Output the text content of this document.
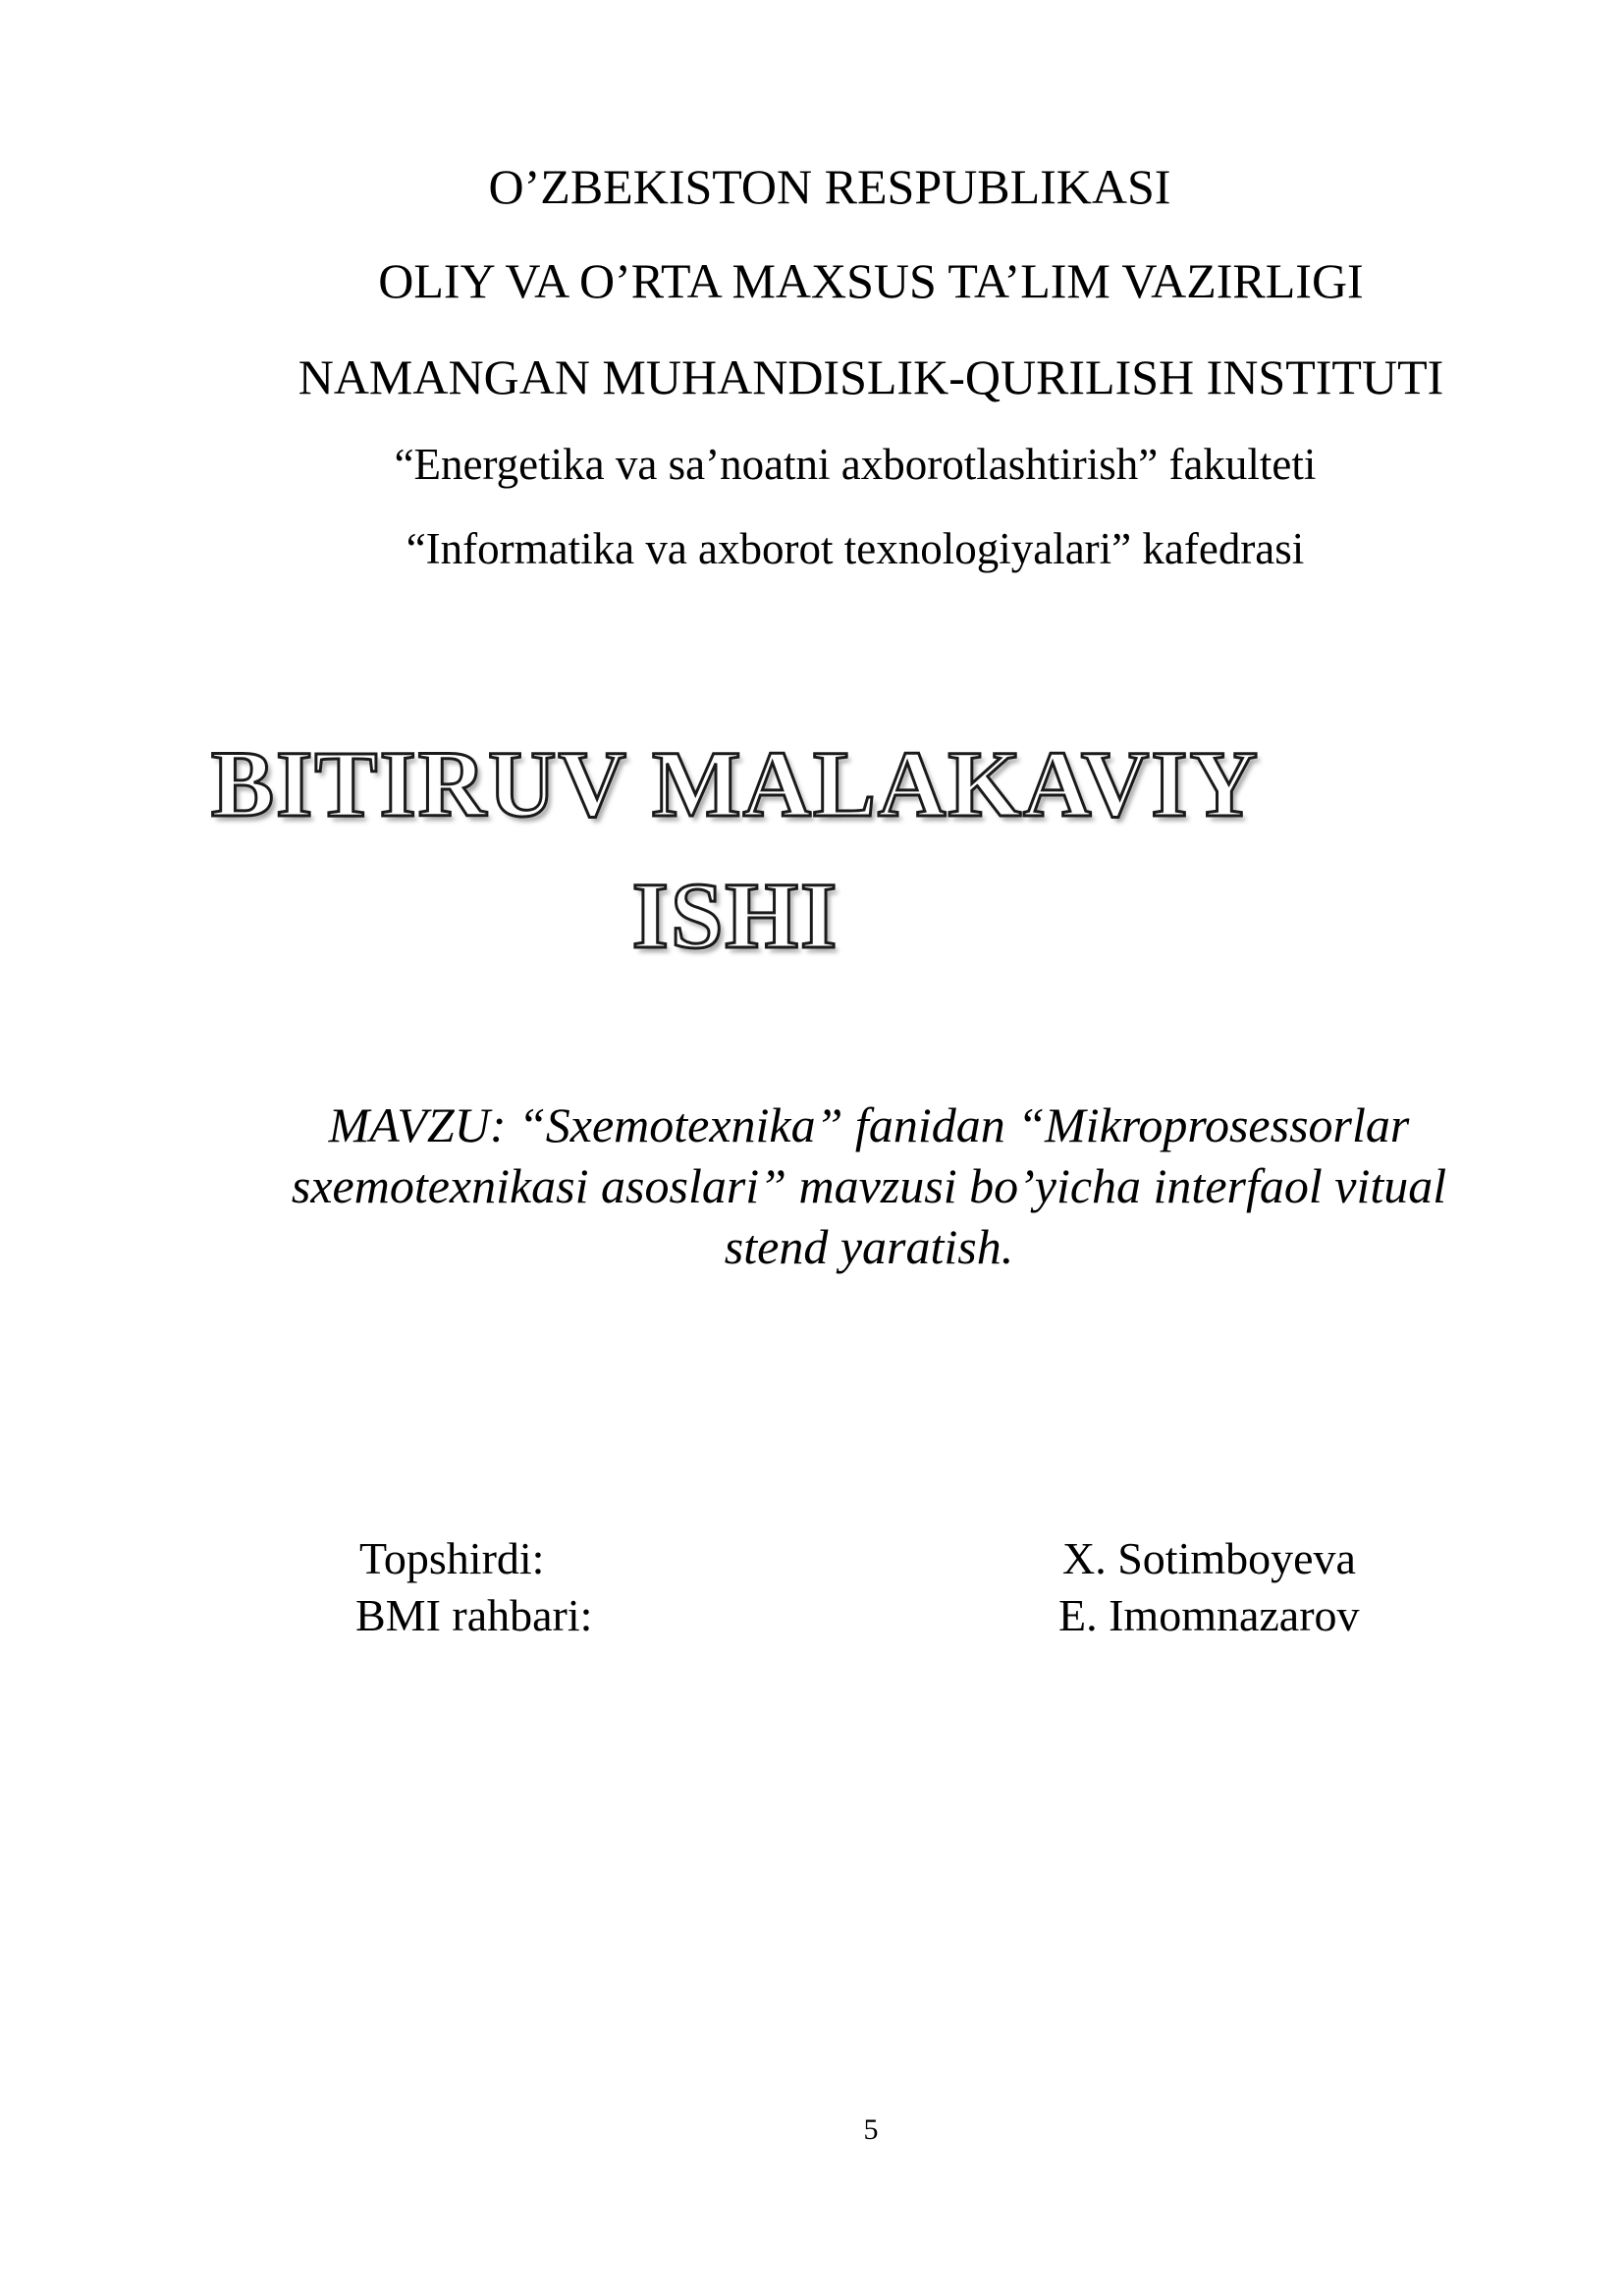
O’ZBEKISTON RESPUBLIKASI
OLIY VA O’RTA MAXSUS TA’LIM VAZIRLIGI
NAMANGAN MUHANDISLIK-QURILISH INSTITUTI
“Energetika va sa’noatni axborotlashtirish” fakulteti
“Informatika va axborot texnologiyalari” kafedrasi
BITIRUV MALAKAVIY
ISHI
MAVZU: “Sxemotexnika” fanidan “Mikroprosessorlar sxemotexnikasi asoslari” mavzusi bo’yicha interfaol vitual stend yaratish.
Topshirdi:	X. Sotimboyeva
BMI rahbari:	E. Imomnazarov
5
